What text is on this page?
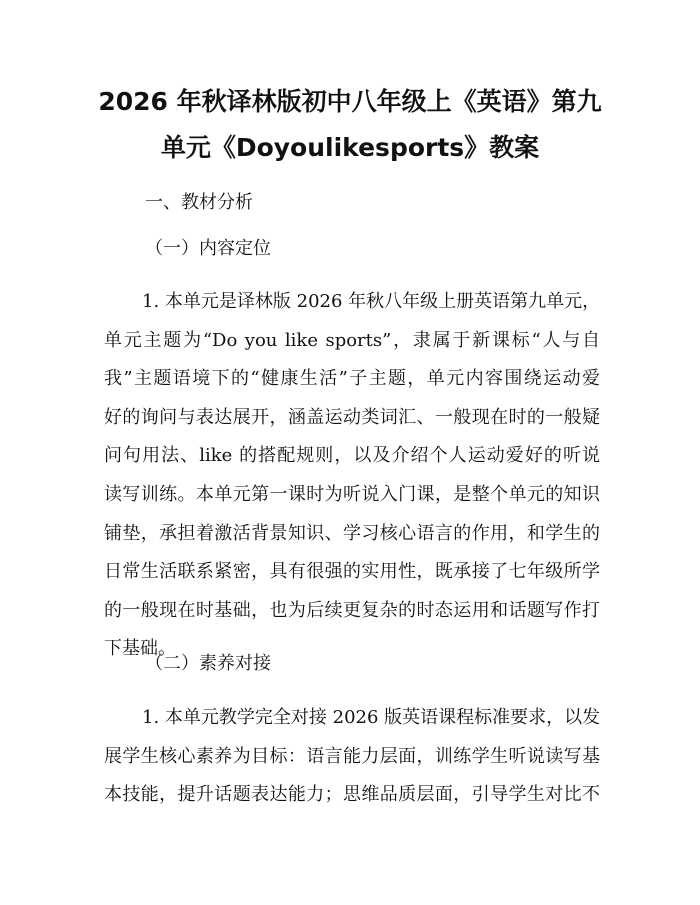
2026 年秋译林版初中八年级上《英语》第九
单元《Doyoulikesports》教案
一、教材分析
（一）内容定位
1. 本单元是译林版 2026 年秋八年级上册英语第九单元，
单元主题为“Do you like sports”，隶属于新课标“人与自
我”主题语境下的“健康生活”子主题，单元内容围绕运动爱
好的询问与表达展开，涵盖运动类词汇、一般现在时的一般疑
问句用法、like 的搭配规则，以及介绍个人运动爱好的听说
读写训练。本单元第一课时为听说入门课，是整个单元的知识
铺垫，承担着激活背景知识、学习核心语言的作用，和学生的
日常生活联系紧密，具有很强的实用性，既承接了七年级所学
的一般现在时基础，也为后续更复杂的时态运用和话题写作打
下基础。
（二）素养对接
1. 本单元教学完全对接 2026 版英语课程标准要求，以发
展学生核心素养为目标：语言能力层面，训练学生听说读写基
本技能，提升话题表达能力；思维品质层面，引导学生对比不
